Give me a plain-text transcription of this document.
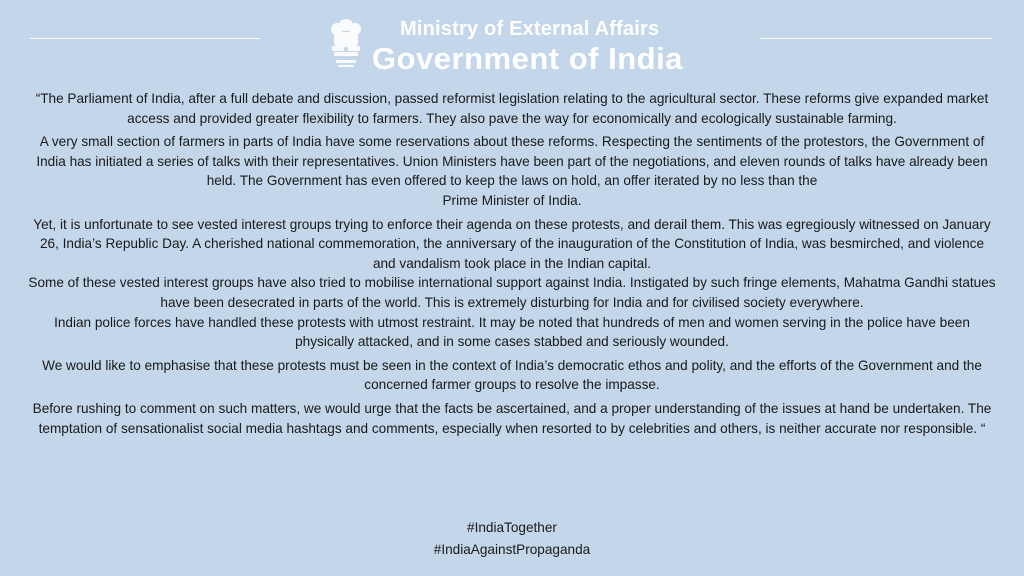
Ministry of External Affairs
Government of India

“The Parliament of India, after a full debate and discussion, passed reformist legislation relating to the agricultural sector. These reforms give expanded market access and provided greater flexibility to farmers. They also pave the way for economically and ecologically sustainable farming.

A very small section of farmers in parts of India have some reservations about these reforms. Respecting the sentiments of the protestors, the Government of India has initiated a series of talks with their representatives. Union Ministers have been part of the negotiations, and eleven rounds of talks have already been held. The Government has even offered to keep the laws on hold, an offer iterated by no less than the
Prime Minister of India.

Yet, it is unfortunate to see vested interest groups trying to enforce their agenda on these protests, and derail them. This was egregiously witnessed on January 26, India’s Republic Day. A cherished national commemoration, the anniversary of the inauguration of the Constitution of India, was besmirched, and violence and vandalism took place in the Indian capital.

Some of these vested interest groups have also tried to mobilise international support against India. Instigated by such fringe elements, Mahatma Gandhi statues have been desecrated in parts of the world. This is extremely disturbing for India and for civilised society everywhere.

Indian police forces have handled these protests with utmost restraint. It may be noted that hundreds of men and women serving in the police have been physically attacked, and in some cases stabbed and seriously wounded.

We would like to emphasise that these protests must be seen in the context of India’s democratic ethos and polity, and the efforts of the Government and the concerned farmer groups to resolve the impasse.

Before rushing to comment on such matters, we would urge that the facts be ascertained, and a proper understanding of the issues at hand be undertaken. The temptation of sensationalist social media hashtags and comments, especially when resorted to by celebrities and others, is neither accurate nor responsible. “

#IndiaTogether
#IndiaAgainstPropaganda
